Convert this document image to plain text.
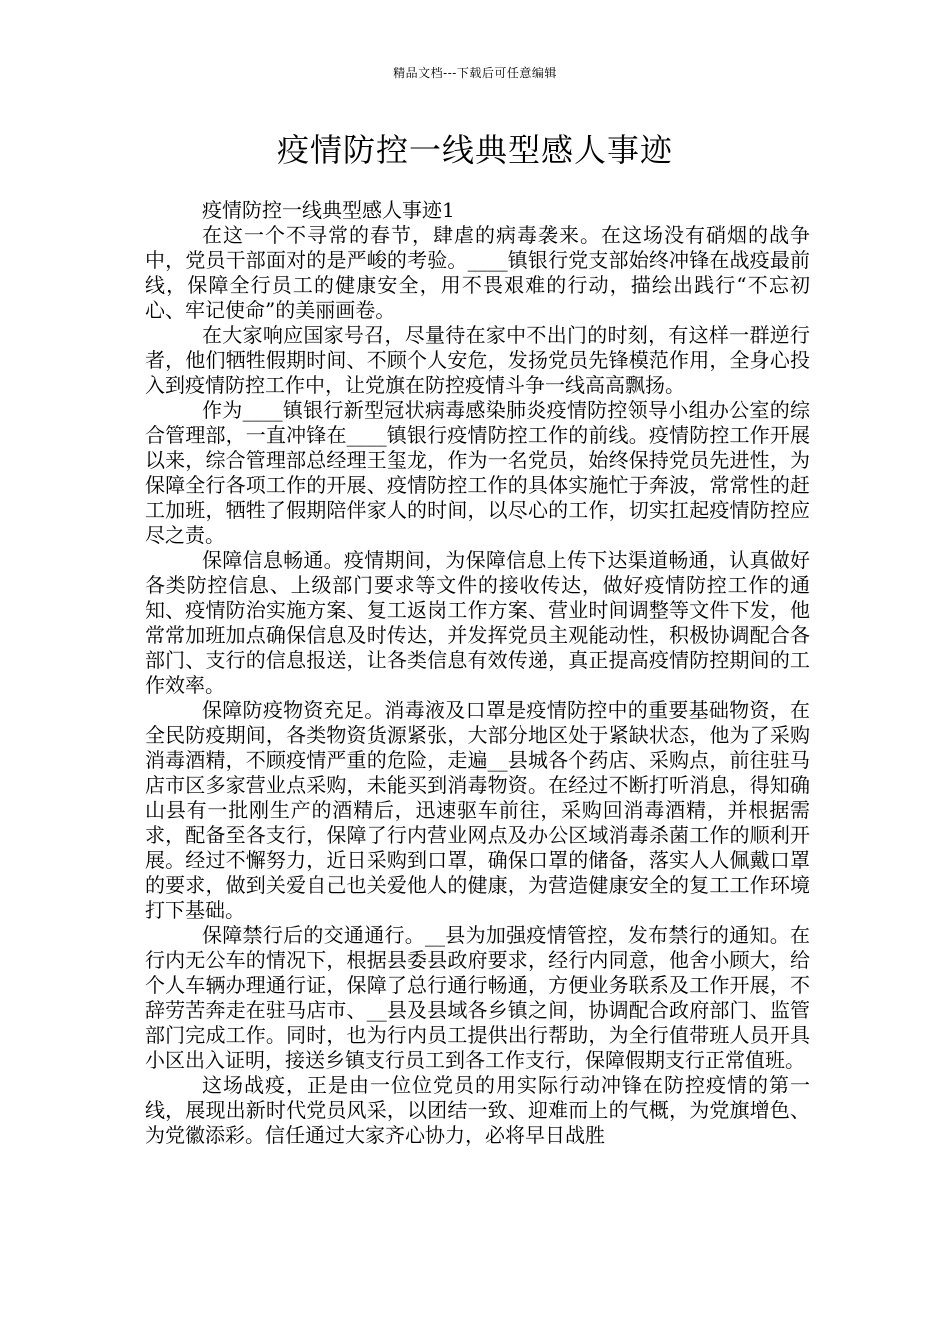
精品文档---下载后可任意编辑
疫情防控一线典型感人事迹

疫情防控一线典型感人事迹1

在这一个不寻常的春节，肆虐的病毒袭来。在这场没有硝烟的战争中，党员干部面对的是严峻的考验。____镇银行党支部始终冲锋在战疫最前线，保障全行员工的健康安全，用不畏艰难的行动，描绘出践行“不忘初心、牢记使命”的美丽画卷。

在大家响应国家号召，尽量待在家中不出门的时刻，有这样一群逆行者，他们牺牲假期时间、不顾个人安危，发扬党员先锋模范作用，全身心投入到疫情防控工作中，让党旗在防控疫情斗争一线高高飘扬。

作为____镇银行新型冠状病毒感染肺炎疫情防控领导小组办公室的综合管理部，一直冲锋在____镇银行疫情防控工作的前线。疫情防控工作开展以来，综合管理部总经理王玺龙，作为一名党员，始终保持党员先进性，为保障全行各项工作的开展、疫情防控工作的具体实施忙于奔波，常常性的赶工加班，牺牲了假期陪伴家人的时间，以尽心的工作，切实扛起疫情防控应尽之责。

保障信息畅通。疫情期间，为保障信息上传下达渠道畅通，认真做好各类防控信息、上级部门要求等文件的接收传达，做好疫情防控工作的通知、疫情防治实施方案、复工返岗工作方案、营业时间调整等文件下发，他常常加班加点确保信息及时传达，并发挥党员主观能动性，积极协调配合各部门、支行的信息报送，让各类信息有效传递，真正提高疫情防控期间的工作效率。

保障防疫物资充足。消毒液及口罩是疫情防控中的重要基础物资，在全民防疫期间，各类物资货源紧张，大部分地区处于紧缺状态，他为了采购消毒酒精，不顾疫情严重的危险，走遍__县城各个药店、采购点，前往驻马店市区多家营业点采购，未能买到消毒物资。在经过不断打听消息，得知确山县有一批刚生产的酒精后，迅速驱车前往，采购回消毒酒精，并根据需求，配备至各支行，保障了行内营业网点及办公区域消毒杀菌工作的顺利开展。经过不懈努力，近日采购到口罩，确保口罩的储备，落实人人佩戴口罩的要求，做到关爱自己也关爱他人的健康，为营造健康安全的复工工作环境打下基础。

保障禁行后的交通通行。__县为加强疫情管控，发布禁行的通知。在行内无公车的情况下，根据县委县政府要求，经行内同意，他舍小顾大，给个人车辆办理通行证，保障了总行通行畅通，方便业务联系及工作开展，不辞劳苦奔走在驻马店市、__县及县域各乡镇之间，协调配合政府部门、监管部门完成工作。同时，也为行内员工提供出行帮助，为全行值带班人员开具小区出入证明，接送乡镇支行员工到各工作支行，保障假期支行正常值班。

这场战疫，正是由一位位党员的用实际行动冲锋在防控疫情的第一线，展现出新时代党员风采，以团结一致、迎难而上的气概，为党旗增色、为党徽添彩。信任通过大家齐心协力，必将早日战胜
